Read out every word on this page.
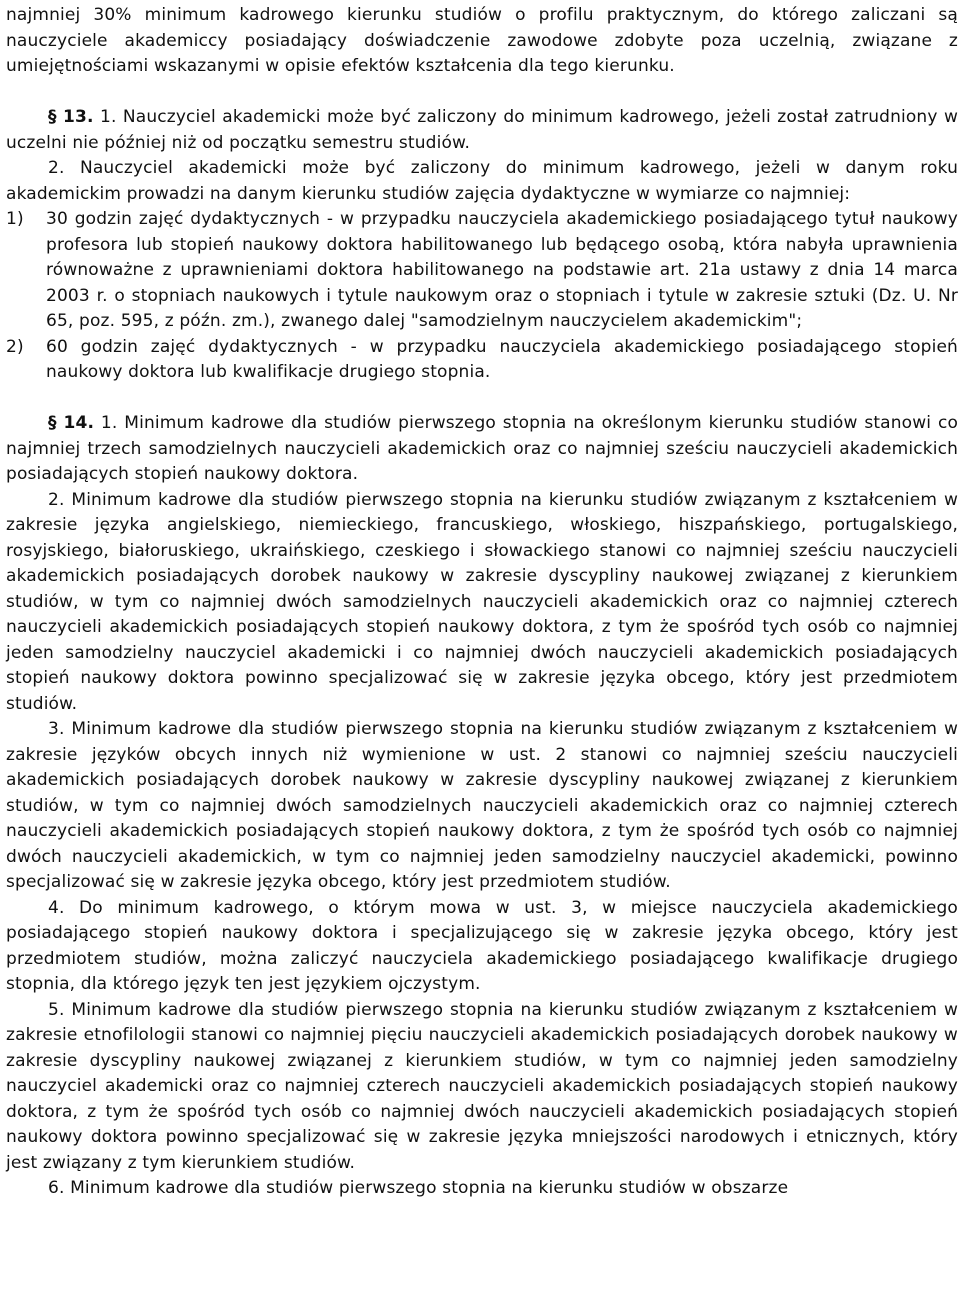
najmniej 30% minimum kadrowego kierunku studiów o profilu praktycznym, do którego zaliczani są nauczyciele akademiccy posiadający doświadczenie zawodowe zdobyte poza uczelnią, związane z umiejętnościami wskazanymi w opisie efektów kształcenia dla tego kierunku.

§ 13. 1. Nauczyciel akademicki może być zaliczony do minimum kadrowego, jeżeli został zatrudniony w uczelni nie później niż od początku semestru studiów.

2. Nauczyciel akademicki może być zaliczony do minimum kadrowego, jeżeli w danym roku akademickim prowadzi na danym kierunku studiów zajęcia dydaktyczne w wymiarze co najmniej:

1)	30 godzin zajęć dydaktycznych - w przypadku nauczyciela akademickiego posiadającego tytuł naukowy profesora lub stopień naukowy doktora habilitowanego lub będącego osobą, która nabyła uprawnienia równoważne z uprawnieniami doktora habilitowanego na podstawie art. 21a ustawy z dnia 14 marca 2003 r. o stopniach naukowych i tytule naukowym oraz o stopniach i tytule w zakresie sztuki (Dz. U. Nr 65, poz. 595, z późn. zm.), zwanego dalej "samodzielnym nauczycielem akademickim";
2)	60 godzin zajęć dydaktycznych - w przypadku nauczyciela akademickiego posiadającego stopień naukowy doktora lub kwalifikacje drugiego stopnia.

§ 14. 1. Minimum kadrowe dla studiów pierwszego stopnia na określonym kierunku studiów stanowi co najmniej trzech samodzielnych nauczycieli akademickich oraz co najmniej sześciu nauczycieli akademickich posiadających stopień naukowy doktora.

2. Minimum kadrowe dla studiów pierwszego stopnia na kierunku studiów związanym z kształceniem w zakresie języka angielskiego, niemieckiego, francuskiego, włoskiego, hiszpańskiego, portugalskiego, rosyjskiego, białoruskiego, ukraińskiego, czeskiego i słowackiego stanowi co najmniej sześciu nauczycieli akademickich posiadających dorobek naukowy w zakresie dyscypliny naukowej związanej z kierunkiem studiów, w tym co najmniej dwóch samodzielnych nauczycieli akademickich oraz co najmniej czterech nauczycieli akademickich posiadających stopień naukowy doktora, z tym że spośród tych osób co najmniej jeden samodzielny nauczyciel akademicki i co najmniej dwóch nauczycieli akademickich posiadających stopień naukowy doktora powinno specjalizować się w zakresie języka obcego, który jest przedmiotem studiów.

3. Minimum kadrowe dla studiów pierwszego stopnia na kierunku studiów związanym z kształceniem w zakresie języków obcych innych niż wymienione w ust. 2 stanowi co najmniej sześciu nauczycieli akademickich posiadających dorobek naukowy w zakresie dyscypliny naukowej związanej z kierunkiem studiów, w tym co najmniej dwóch samodzielnych nauczycieli akademickich oraz co najmniej czterech nauczycieli akademickich posiadających stopień naukowy doktora, z tym że spośród tych osób co najmniej dwóch nauczycieli akademickich, w tym co najmniej jeden samodzielny nauczyciel akademicki, powinno specjalizować się w zakresie języka obcego, który jest przedmiotem studiów.

4. Do minimum kadrowego, o którym mowa w ust. 3, w miejsce nauczyciela akademickiego posiadającego stopień naukowy doktora i specjalizującego się w zakresie języka obcego, który jest przedmiotem studiów, można zaliczyć nauczyciela akademickiego posiadającego kwalifikacje drugiego stopnia, dla którego język ten jest językiem ojczystym.

5. Minimum kadrowe dla studiów pierwszego stopnia na kierunku studiów związanym z kształceniem w zakresie etnofilologii stanowi co najmniej pięciu nauczycieli akademickich posiadających dorobek naukowy w zakresie dyscypliny naukowej związanej z kierunkiem studiów, w tym co najmniej jeden samodzielny nauczyciel akademicki oraz co najmniej czterech nauczycieli akademickich posiadających stopień naukowy doktora, z tym że spośród tych osób co najmniej dwóch nauczycieli akademickich posiadających stopień naukowy doktora powinno specjalizować się w zakresie języka mniejszości narodowych i etnicznych, który jest związany z tym kierunkiem studiów.

6. Minimum kadrowe dla studiów pierwszego stopnia na kierunku studiów w obszarze
